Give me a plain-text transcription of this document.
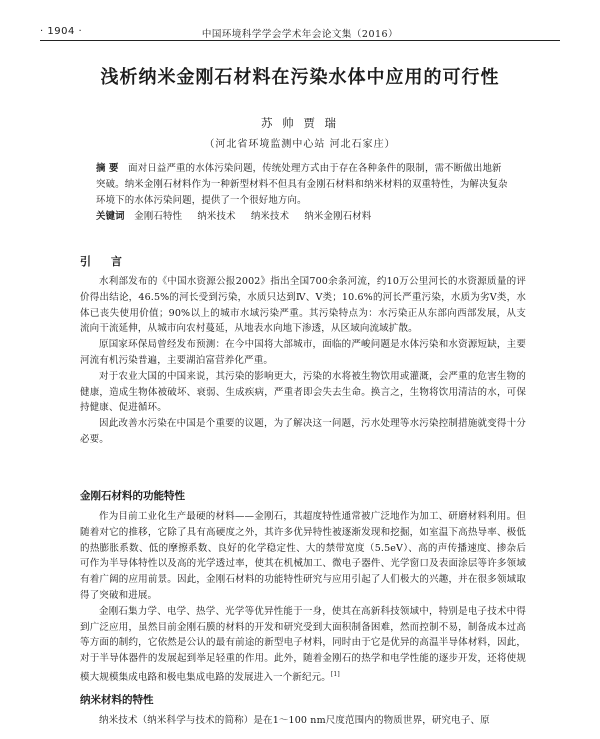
· 1904 ·	中国环境科学学会学术年会论文集（2016）
浅析纳米金刚石材料在污染水体中应用的可行性
苏 帅 贾 瑞
（河北省环境监测中心站 河北石家庄）

摘 要 面对日益严重的水体污染问题，传统处理方式由于存在各种条件的限制，需不断做出地新突破。纳米金刚石材料作为一种新型材料不但具有金刚石材料和纳米材料的双重特性，为解决复杂环境下的水体污染问题，提供了一个很好地方向。

关键词 金刚石特性 纳米技术 纳米技术 纳米金刚石材料

引 言

水利部发布的《中国水资源公报2002》指出全国700余条河流，约10万公里河长的水资源质量的评价得出结论，46.5%的河长受到污染，水质只达到Ⅳ、Ⅴ类；10.6%的河长严重污染，水质为劣Ⅴ类，水体已丧失使用价值；90%以上的城市水域污染严重。其污染特点为：水污染正从东部向西部发展，从支流向干流延伸，从城市向农村蔓延，从地表水向地下渗透，从区域向流域扩散。

原国家环保局曾经发布预测：在今中国将大部城市，面临的严峻问题是水体污染和水资源短缺，主要河流有机污染普遍，主要湖泊富营养化严重。

对于农业大国的中国来说，其污染的影响更大，污染的水将被生物饮用或灌溉，会严重的危害生物的健康，造成生物体被破坏、衰弱、生成疾病，严重者即会失去生命。换言之，生物将饮用清洁的水，可保持健康、促进循环。

因此改善水污染在中国是个重要的议题，为了解决这一问题，污水处理等水污染控制措施就变得十分必要。

金刚石材料的功能特性

作为目前工业化生产最硬的材料——金刚石，其超度特性通常被广泛地作为加工、研磨材料利用。但随着对它的推移，它除了具有高硬度之外，其许多优异特性被逐渐发现和挖掘，如室温下高热导率、极低的热膨胀系数、低的摩擦系数、良好的化学稳定性、大的禁带宽度（5.5eV）、高的声传播速度、掺杂后可作为半导体特性以及高的光学透过率，使其在机械加工、微电子器件、光学窗口及表面涂层等许多领域有着广阔的应用前景。因此，金刚石材料的功能特性研究与应用引起了人们极大的兴趣，并在很多领域取得了突破和进展。

金刚石集力学、电学、热学、光学等优异性能于一身，使其在高新科技领域中，特别是电子技术中得到广泛应用，虽然目前金刚石膜的材料的开发和研究受到大面积制备困难，然而控制不易，制备成本过高等方面的制约，它依然是公认的最有前途的新型电子材料，同时由于它是优异的高温半导体材料，因此，对于半导体器件的发展起到举足轻重的作用。此外，随着金刚石的热学和电学性能的逐步开发，还将使规模大规模集成电路和极电集成电路的发展进入一个新纪元。[1]

纳米材料的特性

纳米技术（纳米科学与技术的简称）是在1～100 nm尺度范围内的物质世界，研究电子、原
